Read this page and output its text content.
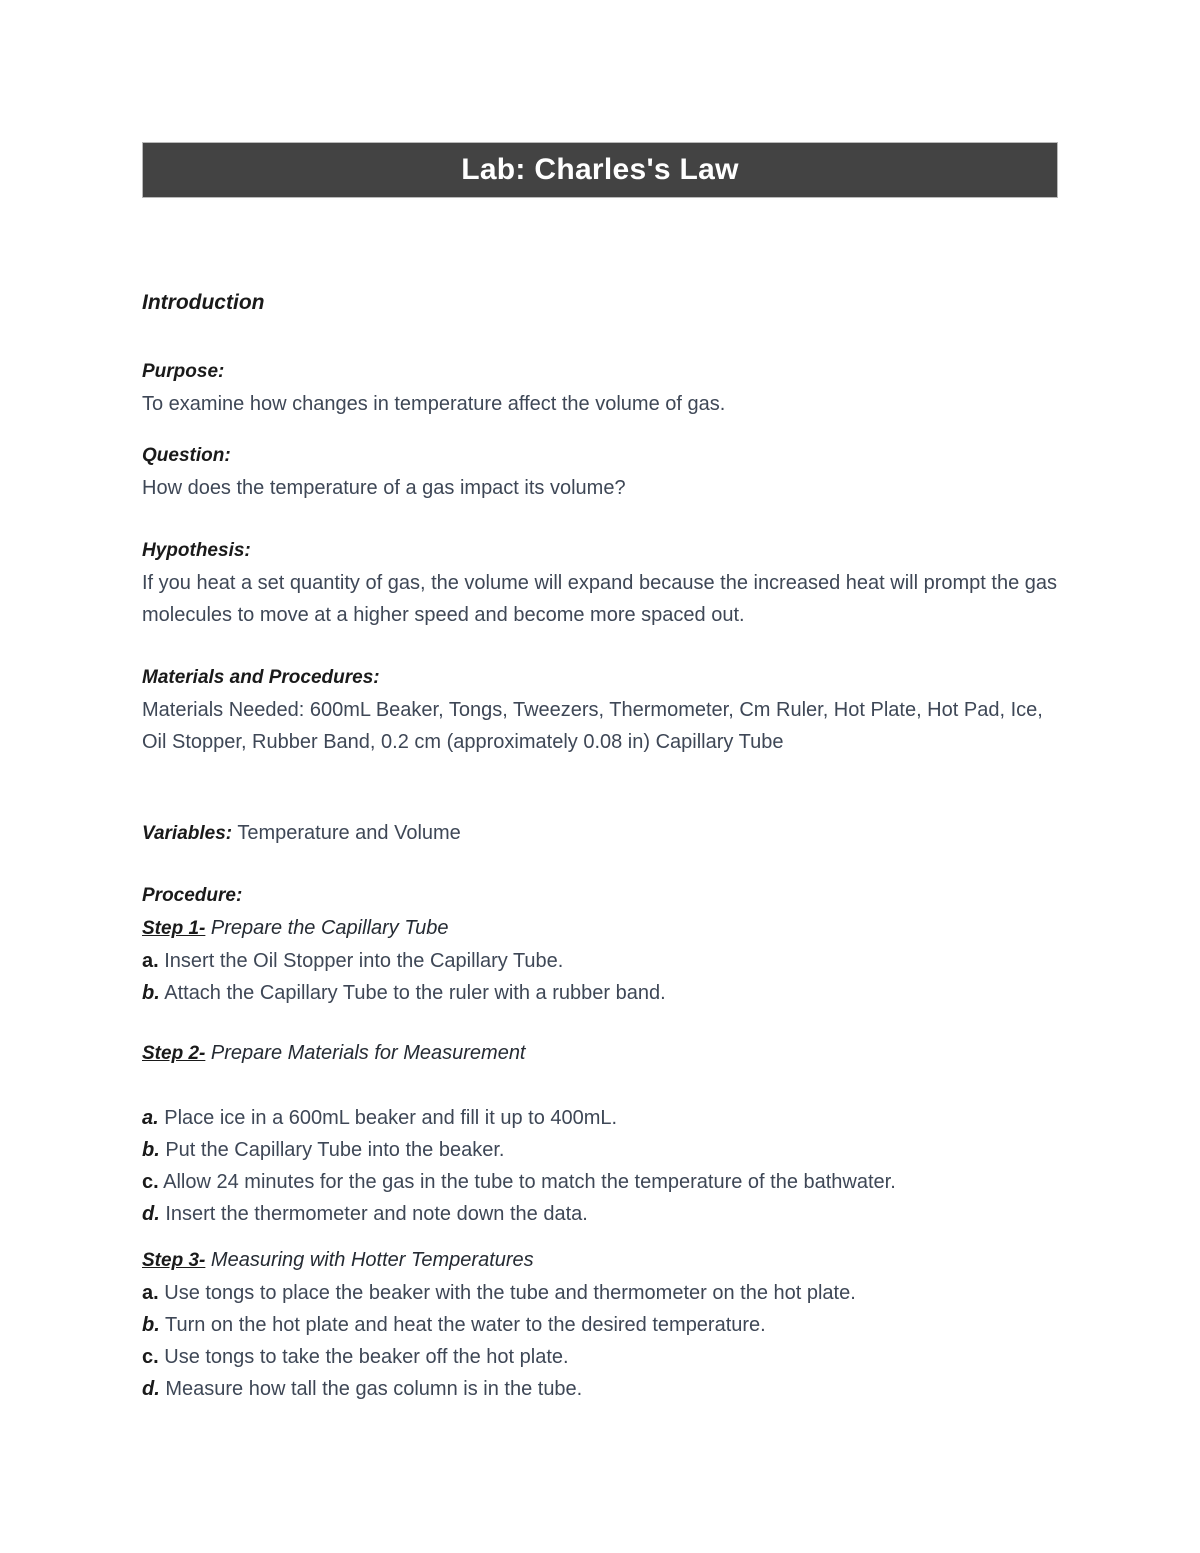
Lab: Charles's Law
Introduction

Purpose:

To examine how changes in temperature affect the volume of gas.

Question:

How does the temperature of a gas impact its volume?

Hypothesis:

If you heat a set quantity of gas, the volume will expand because the increased heat will prompt the gas molecules to move at a higher speed and become more spaced out.

Materials and Procedures:

Materials Needed: 600mL Beaker, Tongs, Tweezers, Thermometer, Cm Ruler, Hot Plate, Hot Pad, Ice, Oil Stopper, Rubber Band, 0.2 cm (approximately 0.08 in) Capillary Tube

Variables: Temperature and Volume

Procedure:

Step 1- Prepare the Capillary Tube

a. Insert the Oil Stopper into the Capillary Tube.

b. Attach the Capillary Tube to the ruler with a rubber band.

Step 2- Prepare Materials for Measurement

a. Place ice in a 600mL beaker and fill it up to 400mL.

b. Put the Capillary Tube into the beaker.

c. Allow 24 minutes for the gas in the tube to match the temperature of the bathwater.

d. Insert the thermometer and note down the data.

Step 3- Measuring with Hotter Temperatures

a. Use tongs to place the beaker with the tube and thermometer on the hot plate.

b. Turn on the hot plate and heat the water to the desired temperature.

c. Use tongs to take the beaker off the hot plate.

d. Measure how tall the gas column is in the tube.
